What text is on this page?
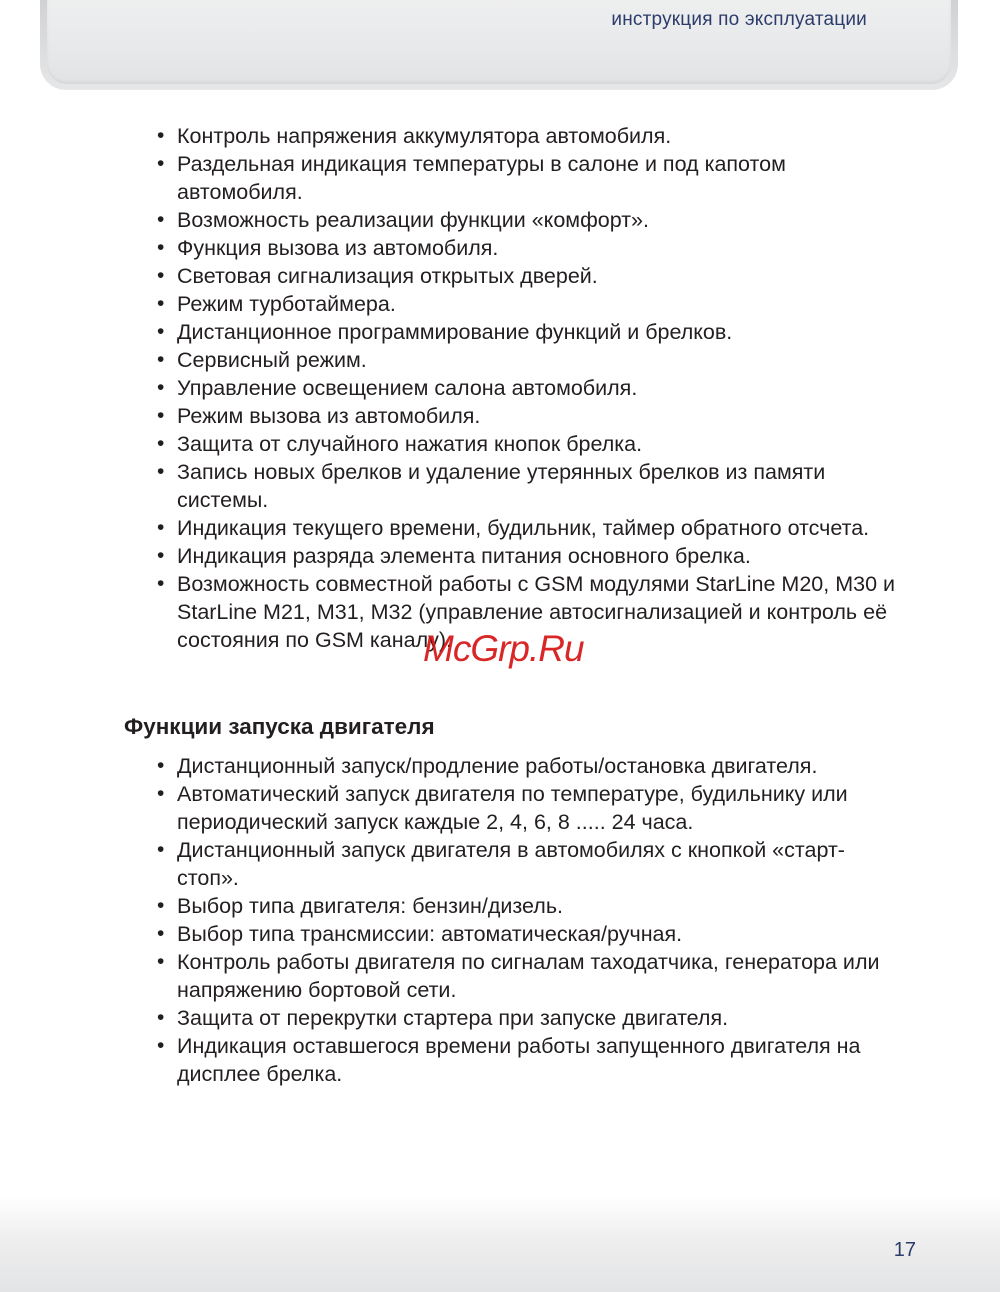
инструкция по эксплуатации
• Контроль напряжения аккумулятора автомобиля.
• Раздельная индикация температуры в салоне и под капотом автомобиля.
• Возможность реализации функции «комфорт».
• Функция вызова из автомобиля.
• Световая сигнализация открытых дверей.
• Режим турботаймера.
• Дистанционное программирование функций и брелков.
• Сервисный режим.
• Управление освещением салона автомобиля.
• Режим вызова из автомобиля.
• Защита от случайного нажатия кнопок брелка.
• Запись новых брелков и удаление утерянных брелков из памяти системы.
• Индикация текущего времени, будильник, таймер обратного отсчета.
• Индикация разряда элемента питания основного брелка.
• Возможность совместной работы с GSM модулями StarLine M20, M30 и StarLine M21, M31, M32 (управление автосигнализацией и контроль её состояния по GSM каналу).
Функции запуска двигателя
• Дистанционный запуск/продление работы/остановка двигателя.
• Автоматический запуск двигателя по температуре, будильнику или периодический запуск каждые 2, 4, 6, 8 ..... 24 часа.
• Дистанционный запуск двигателя в автомобилях с кнопкой «старт-стоп».
• Выбор типа двигателя: бензин/дизель.
• Выбор типа трансмиссии: автоматическая/ручная.
• Контроль работы двигателя по сигналам таходатчика, генератора или напряжению бортовой сети.
• Защита от перекрутки стартера при запуске двигателя.
• Индикация оставшегося времени работы запущенного двигателя на дисплее брелка.
McGrp.Ru
17
